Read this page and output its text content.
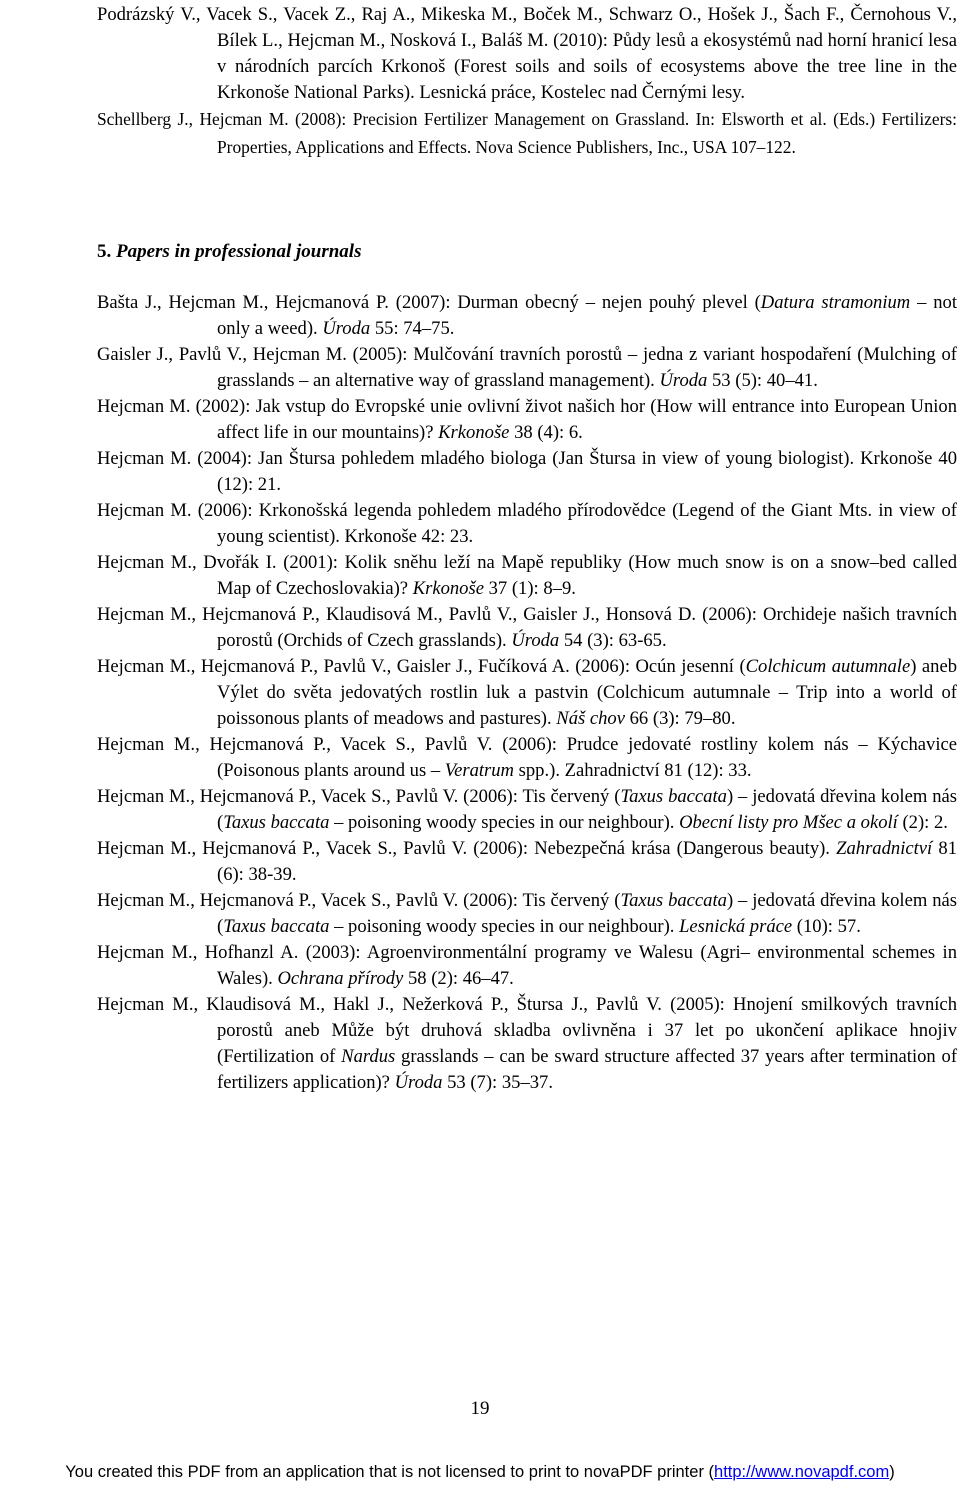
Podrázský V., Vacek S., Vacek Z., Raj A., Mikeska M., Boček M., Schwarz O., Hošek J., Šach F., Černohous V., Bílek L., Hejcman M., Nosková I., Baláš M. (2010): Půdy lesů a ekosystémů nad horní hranicí lesa v národních parcích Krkonoš (Forest soils and soils of ecosystems above the tree line in the Krkonoše National Parks). Lesnická práce, Kostelec nad Černými lesy.

Schellberg J., Hejcman M. (2008): Precision Fertilizer Management on Grassland. In: Elsworth et al. (Eds.) Fertilizers: Properties, Applications and Effects. Nova Science Publishers, Inc., USA 107–122.

5. Papers in professional journals

Bašta J., Hejcman M., Hejcmanová P. (2007): Durman obecný – nejen pouhý plevel (Datura stramonium – not only a weed). Úroda 55: 74–75.

Gaisler J., Pavlů V., Hejcman M. (2005): Mulčování travních porostů – jedna z variant hospodaření (Mulching of grasslands – an alternative way of grassland management). Úroda 53 (5): 40–41.

Hejcman M. (2002): Jak vstup do Evropské unie ovlivní život našich hor (How will entrance into European Union affect life in our mountains)? Krkonoše 38 (4): 6.

Hejcman M. (2004): Jan Štursa pohledem mladého biologa (Jan Štursa in view of young biologist). Krkonoše 40 (12): 21.

Hejcman M. (2006): Krkonošská legenda pohledem mladého přírodovědce (Legend of the Giant Mts. in view of young scientist). Krkonoše 42: 23.

Hejcman M., Dvořák I. (2001): Kolik sněhu leží na Mapě republiky (How much snow is on a snow–bed called Map of Czechoslovakia)? Krkonoše 37 (1): 8–9.

Hejcman M., Hejcmanová P., Klaudisová M., Pavlů V., Gaisler J., Honsová D. (2006): Orchideje našich travních porostů (Orchids of Czech grasslands). Úroda 54 (3): 63-65.

Hejcman M., Hejcmanová P., Pavlů V., Gaisler J., Fučíková A. (2006): Ocún jesenní (Colchicum autumnale) aneb Výlet do světa jedovatých rostlin luk a pastvin (Colchicum autumnale – Trip into a world of poissonous plants of meadows and pastures). Náš chov 66 (3): 79–80.

Hejcman M., Hejcmanová P., Vacek S., Pavlů V. (2006): Prudce jedovaté rostliny kolem nás – Kýchavice (Poisonous plants around us – Veratrum spp.). Zahradnictví 81 (12): 33.

Hejcman M., Hejcmanová P., Vacek S., Pavlů V. (2006): Tis červený (Taxus baccata) – jedovatá dřevina kolem nás (Taxus baccata – poisoning woody species in our neighbour). Obecní listy pro Mšec a okolí (2): 2.

Hejcman M., Hejcmanová P., Vacek S., Pavlů V. (2006): Nebezpečná krása (Dangerous beauty). Zahradnictví 81 (6): 38-39.

Hejcman M., Hejcmanová P., Vacek S., Pavlů V. (2006): Tis červený (Taxus baccata) – jedovatá dřevina kolem nás (Taxus baccata – poisoning woody species in our neighbour). Lesnická práce (10): 57.

Hejcman M., Hofhanzl A. (2003): Agroenvironmentální programy ve Walesu (Agri– environmental schemes in Wales). Ochrana přírody 58 (2): 46–47.

Hejcman M., Klaudisová M., Hakl J., Nežerková P., Štursa J., Pavlů V. (2005): Hnojení smilkových travních porostů aneb Může být druhová skladba ovlivněna i 37 let po ukončení aplikace hnojiv (Fertilization of Nardus grasslands – can be sward structure affected 37 years after termination of fertilizers application)? Úroda 53 (7): 35–37.

19
You created this PDF from an application that is not licensed to print to novaPDF printer (http://www.novapdf.com)
